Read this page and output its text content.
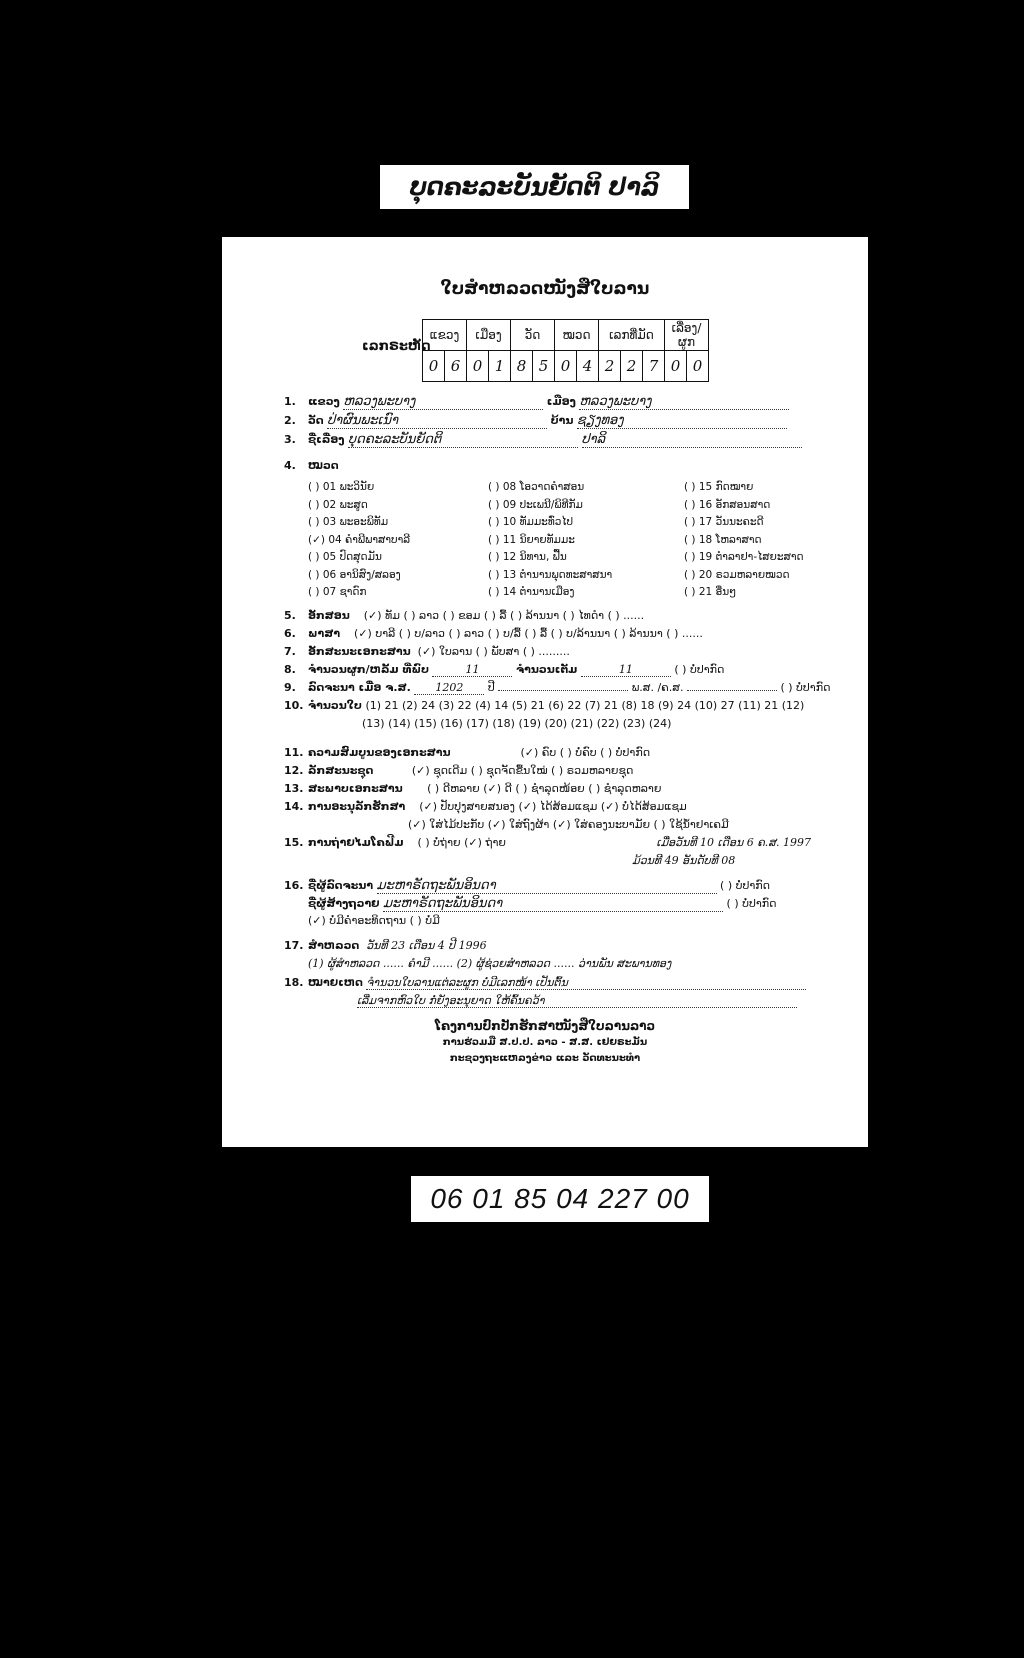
ບຸດຄະລະບັນຍັດຕິ ປາລິ
ໃບສຳຫລວດໜັງສືໃບລານ
ເລກຣະຫັດ
ແຂວງ		ເມືອງ		ວັດ		ໝວດ		ເລກທີ່ມັດ			ເລື່ອງ/ຜູກ	
0	6	0	1	8	5	0	4	2	2	7	0	0
1. ແຂວງ ຫລວງພະບາງ	ເມືອງ ຫລວງພະບາງ
2. ວັດ ປ່າຜົນພະເນົາ	ບ້ານ ຊຽງທອງ
3. ຊື່ເລື່ອງ ບຸດຄະລະບັນຍັດຕິ	ປາລິ
4. ໝວດ
( ) 01 ພະວິນັຍ
( ) 02 ພະສູດ
( ) 03 ພະອະພິທັມ
(✓) 04 ຄຳພີພາສາບາລີ
( ) 05 ປົດສຸດມັນ
( ) 06 ອານິສົງ/ສລອງ
( ) 07 ຊາດົກ
( ) 08 ໂອວາດຄຳສອນ
( ) 09 ປະເພນີ/ພິທີກັມ
( ) 10 ທັມມະທົ່ວໄປ
( ) 11 ນິຍາຍທັມມະ
( ) 12 ນິທານ, ຟື້ນ
( ) 13 ຕຳນານພຸດທະສາສນາ
( ) 14 ຕຳນານເມືອງ
( ) 15 ກົດໝາຍ
( ) 16 ອັກສອນສາດ
( ) 17 ວັນນະຄະດີ
( ) 18 ໂຫລາສາດ
( ) 19 ຕຳລາຢາ-ໄສຍະສາດ
( ) 20 ຣວມຫລາຍໝວດ
( ) 21 ອື່ນໆ
5. ອັກສອນ (✓) ທັມ ( ) ລາວ ( ) ຂອມ ( ) ລື້ ( ) ລ້ານນາ ( ) ໄທດຳ ( ) ......
6. ພາສາ (✓) ບາລີ ( ) ບ/ລາວ ( ) ລາວ ( ) ບ/ລື້ ( ) ລື້ ( ) ບ/ລ້ານນາ ( ) ລ້ານນາ ( ) ......
7. ອັກສະນະເອກະສານ (✓) ໃບລານ ( ) ພັບສາ ( ) .........
8. ຈຳນວນຜູກ/ຫລັ້ມ ທີ່ພົບ	11	ຈຳນວນເຕັມ	11	( ) ບໍ່ປາກົດ
9. ລົດຈະນາ ເມື່ອ ຈ.ສ. 1202 ປີ	ພ.ສ. /ຄ.ສ.	( ) ບໍ່ປາກົດ
10. ຈຳນວນໃບ (1) 21 (2) 24 (3) 22 (4) 14 (5) 21 (6) 22 (7) 21 (8) 18 (9) 24 (10) 27 (11) 21 (12)
(13) (14) (15) (16) (17) (18) (19) (20) (21) (22) (23) (24)
11. ຄວາມສົມບູນຂອງເອກະສານ	(✓) ຄົບ ( ) ບໍ່ຄົບ ( ) ບໍ່ປາກົດ
12. ລັກສະນະຊຸດ	(✓) ຊຸດເດີມ ( ) ຊຸດຈັດຂື້ນໃໝ່ ( ) ຣວມຫລາຍຊຸດ
13. ສະພາບເອກະສານ ( ) ດີຫລາຍ (✓) ດີ ( ) ຊຳລຸດໜ້ອຍ ( ) ຊຳລຸດຫລາຍ
14. ການອະນຸລັກຮັກສາ (✓) ປັບປຸງສາຍສນອງ (✓) ໄດ້ສ້ອມແຊມ (✓) ບໍ່ໄດ້ສ້ອມແຊມ
(✓) ໃສ່ໄມ້ປະກັບ (✓) ໃສ່ຖົງຜ້າ (✓) ໃສ່ຄອງນະບາມັຍ ( ) ໃຊ້ນ້ຳຢາເຄມີ
15. ການຖ່າຍໄມໂຄຟີມ ( ) ບໍ່ຖ່າຍ (✓) ຖ່າຍ	ເມື່ອວັນທີ 10 ເດືອນ 6 ຄ.ສ. 1997
ມ້ວນທີ 49 ອັນດັບທີ 08
16. ຊື່ຜູ້ລົດຈະນາ ມະຫາຣັດຖະພັນອິນດາ	( ) ບໍ່ປາກົດ
ຊື່ຜູ້ສ້າງຖວາຍ ມະຫາຣັດຖະພັນອິນດາ	( ) ບໍ່ປາກົດ
(✓) ບໍ່ມີຄຳອະທິດຖານ ( ) ບໍ່ມີ
17. ສຳຫລວດ ວັນທີ 23 ເດືອນ 4 ປີ 1996
(1) ຜູ້ສຳຫລວດ ...... ຄຳມີ ...... (2) ຜູ້ຊ່ວຍສຳຫລວດ ...... ວ່ານພັນ ສະພານທອງ
18. ໝາຍເຫດ ຈຳນວນໃບລານແຕ່ລະຜູກ ບໍ່ມີເລກໜ້າ ເປັນຕົ້ນ
ເລີ່ມຈາກຫົວໃບ ກໍ່ຍັງອະນຸຍາດ ໃຫ້ຄົ້ນຄວ້າ
ໂຄງການປົກປັກຮັກສາໜັງສືໃບລານລາວ
ການຮ່ວມມື ສ.ປ.ປ. ລາວ - ສ.ສ. ເຢຍຣະມັນ
ກະຊວງຖະແຫລງຂ່າວ ແລະ ວັດທະນະທຳ
06 01 85 04 227 00
